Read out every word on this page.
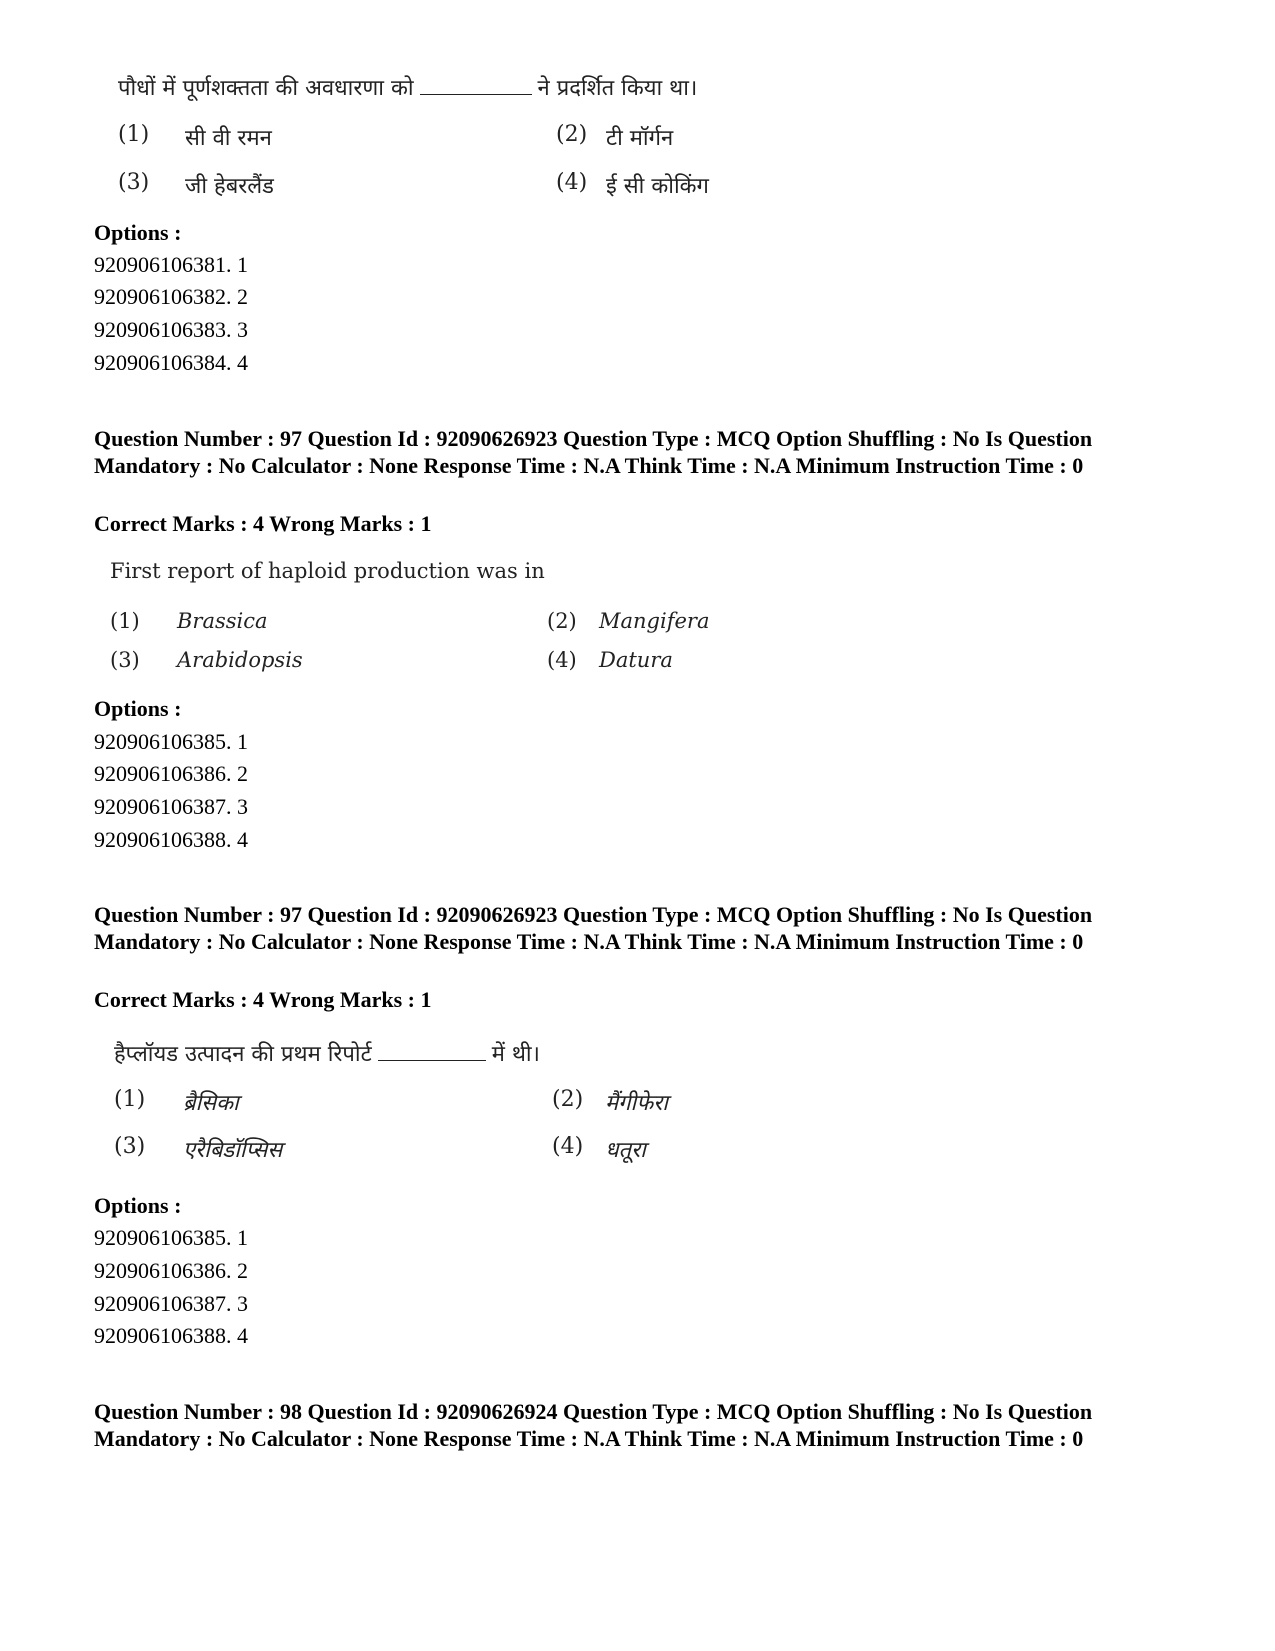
पौधों में पूर्णशक्तता की अवधारणा को	ने प्रदर्शित किया था।
(1) सी वी रमन	(2) टी मॉर्गन
(3) जी हेबरलैंड	(4) ई सी कोकिंग
Options :
920906106381. 1
920906106382. 2
920906106383. 3
920906106384. 4
Question Number : 97 Question Id : 92090626923 Question Type : MCQ Option Shuffling : No Is Question Mandatory : No Calculator : None Response Time : N.A Think Time : N.A Minimum Instruction Time : 0
Correct Marks : 4 Wrong Marks : 1
First report of haploid production was in
(1) Brassica	(2) Mangifera
(3) Arabidopsis	(4) Datura
Options :
920906106385. 1
920906106386. 2
920906106387. 3
920906106388. 4
Question Number : 97 Question Id : 92090626923 Question Type : MCQ Option Shuffling : No Is Question Mandatory : No Calculator : None Response Time : N.A Think Time : N.A Minimum Instruction Time : 0
Correct Marks : 4 Wrong Marks : 1
हैप्लॉयड उत्पादन की प्रथम रिपोर्ट	में थी।
(1) ब्रैसिका	(2) मैंगीफेरा
(3) एरैबिडॉप्सिस	(4) धतूरा
Options :
920906106385. 1
920906106386. 2
920906106387. 3
920906106388. 4
Question Number : 98 Question Id : 92090626924 Question Type : MCQ Option Shuffling : No Is Question Mandatory : No Calculator : None Response Time : N.A Think Time : N.A Minimum Instruction Time : 0
